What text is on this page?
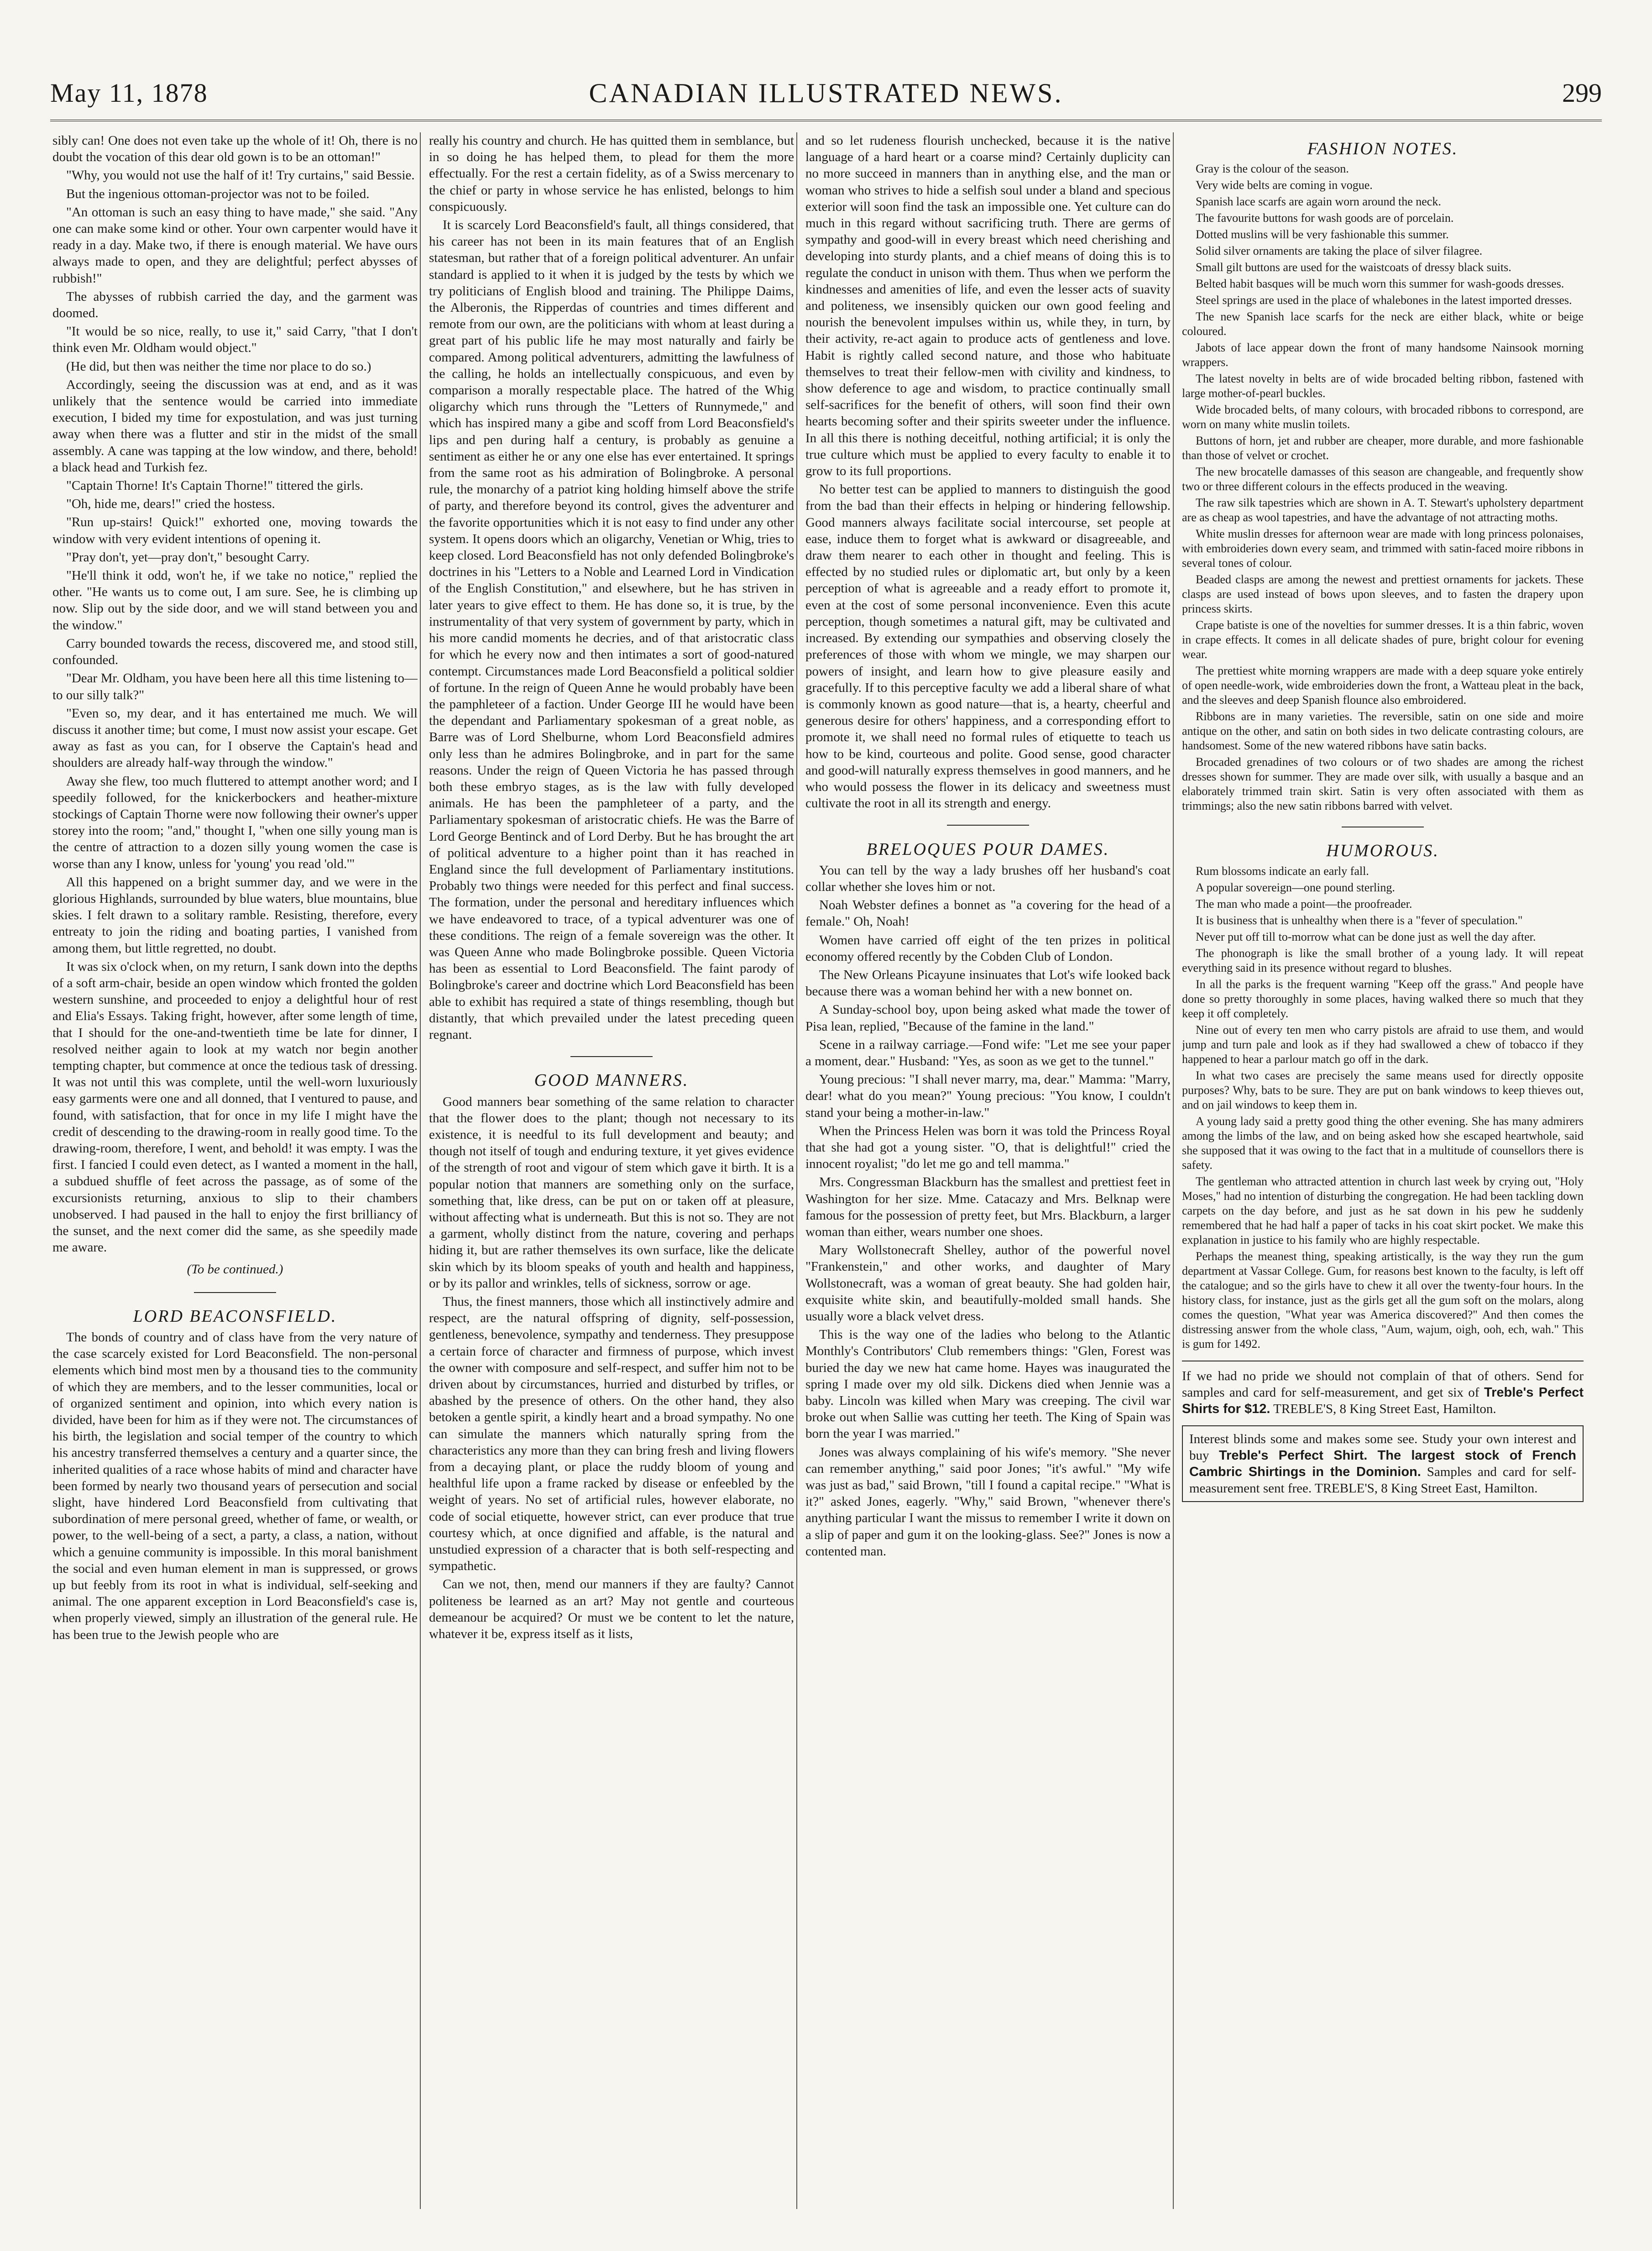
May 11, 1878	CANADIAN ILLUSTRATED NEWS.	299

sibly can! One does not even take up the whole of it! Oh, there is no doubt the vocation of this dear old gown is to be an ottoman!"

"Why, you would not use the half of it! Try curtains," said Bessie.

But the ingenious ottoman-projector was not to be foiled.

"An ottoman is such an easy thing to have made," she said. "Any one can make some kind or other. Your own carpenter would have it ready in a day. Make two, if there is enough material. We have ours always made to open, and they are delightful; perfect abysses of rubbish!"

The abysses of rubbish carried the day, and the garment was doomed.

"It would be so nice, really, to use it," said Carry, "that I don't think even Mr. Oldham would object."

(He did, but then was neither the time nor place to do so.)

Accordingly, seeing the discussion was at end, and as it was unlikely that the sentence would be carried into immediate execution, I bided my time for expostulation, and was just turning away when there was a flutter and stir in the midst of the small assembly. A cane was tapping at the low window, and there, behold! a black head and Turkish fez.

"Captain Thorne! It's Captain Thorne!" tittered the girls.

"Oh, hide me, dears!" cried the hostess.

"Run up-stairs! Quick!" exhorted one, moving towards the window with very evident intentions of opening it.

"Pray don't, yet—pray don't," besought Carry.

"He'll think it odd, won't he, if we take no notice," replied the other. "He wants us to come out, I am sure. See, he is climbing up now. Slip out by the side door, and we will stand between you and the window."

Carry bounded towards the recess, discovered me, and stood still, confounded.

"Dear Mr. Oldham, you have been here all this time listening to—to our silly talk?"

"Even so, my dear, and it has entertained me much. We will discuss it another time; but come, I must now assist your escape. Get away as fast as you can, for I observe the Captain's head and shoulders are already half-way through the window."

Away she flew, too much fluttered to attempt another word; and I speedily followed, for the knickerbockers and heather-mixture stockings of Captain Thorne were now following their owner's upper storey into the room; "and," thought I, "when one silly young man is the centre of attraction to a dozen silly young women the case is worse than any I know, unless for 'young' you read 'old.'"

All this happened on a bright summer day, and we were in the glorious Highlands, surrounded by blue waters, blue mountains, blue skies. I felt drawn to a solitary ramble. Resisting, therefore, every entreaty to join the riding and boating parties, I vanished from among them, but little regretted, no doubt.

It was six o'clock when, on my return, I sank down into the depths of a soft arm-chair, beside an open window which fronted the golden western sunshine, and proceeded to enjoy a delightful hour of rest and Elia's Essays. Taking fright, however, after some length of time, that I should for the one-and-twentieth time be late for dinner, I resolved neither again to look at my watch nor begin another tempting chapter, but commence at once the tedious task of dressing. It was not until this was complete, until the well-worn luxuriously easy garments were one and all donned, that I ventured to pause, and found, with satisfaction, that for once in my life I might have the credit of descending to the drawing-room in really good time. To the drawing-room, therefore, I went, and behold! it was empty. I was the first. I fancied I could even detect, as I wanted a moment in the hall, a subdued shuffle of feet across the passage, as of some of the excursionists returning, anxious to slip to their chambers unobserved. I had paused in the hall to enjoy the first brilliancy of the sunset, and the next comer did the same, as she speedily made me aware.

(To be continued.)
LORD BEACONSFIELD.

The bonds of country and of class have from the very nature of the case scarcely existed for Lord Beaconsfield. The non-personal elements which bind most men by a thousand ties to the community of which they are members, and to the lesser communities, local or of organized sentiment and opinion, into which every nation is divided, have been for him as if they were not. The circumstances of his birth, the legislation and social temper of the country to which his ancestry transferred themselves a century and a quarter since, the inherited qualities of a race whose habits of mind and character have been formed by nearly two thousand years of persecution and social slight, have hindered Lord Beaconsfield from cultivating that subordination of mere personal greed, whether of fame, or wealth, or power, to the well-being of a sect, a party, a class, a nation, without which a genuine community is impossible. In this moral banishment the social and even human element in man is suppressed, or grows up but feebly from its root in what is individual, self-seeking and animal. The one apparent exception in Lord Beaconsfield's case is, when properly viewed, simply an illustration of the general rule. He has been true to the Jewish people who are

really his country and church. He has quitted them in semblance, but in so doing he has helped them, to plead for them the more effectually. For the rest a certain fidelity, as of a Swiss mercenary to the chief or party in whose service he has enlisted, belongs to him conspicuously.

It is scarcely Lord Beaconsfield's fault, all things considered, that his career has not been in its main features that of an English statesman, but rather that of a foreign political adventurer. An unfair standard is applied to it when it is judged by the tests by which we try politicians of English blood and training. The Philippe Daims, the Alberonis, the Ripperdas of countries and times different and remote from our own, are the politicians with whom at least during a great part of his public life he may most naturally and fairly be compared. Among political adventurers, admitting the lawfulness of the calling, he holds an intellectually conspicuous, and even by comparison a morally respectable place. The hatred of the Whig oligarchy which runs through the "Letters of Runnymede," and which has inspired many a gibe and scoff from Lord Beaconsfield's lips and pen during half a century, is probably as genuine a sentiment as either he or any one else has ever entertained. It springs from the same root as his admiration of Bolingbroke. A personal rule, the monarchy of a patriot king holding himself above the strife of party, and therefore beyond its control, gives the adventurer and the favorite opportunities which it is not easy to find under any other system. It opens doors which an oligarchy, Venetian or Whig, tries to keep closed. Lord Beaconsfield has not only defended Bolingbroke's doctrines in his "Letters to a Noble and Learned Lord in Vindication of the English Constitution," and elsewhere, but he has striven in later years to give effect to them. He has done so, it is true, by the instrumentality of that very system of government by party, which in his more candid moments he decries, and of that aristocratic class for which he every now and then intimates a sort of good-natured contempt. Circumstances made Lord Beaconsfield a political soldier of fortune. In the reign of Queen Anne he would probably have been the pamphleteer of a faction. Under George III he would have been the dependant and Parliamentary spokesman of a great noble, as Barre was of Lord Shelburne, whom Lord Beaconsfield admires only less than he admires Bolingbroke, and in part for the same reasons. Under the reign of Queen Victoria he has passed through both these embryo stages, as is the law with fully developed animals. He has been the pamphleteer of a party, and the Parliamentary spokesman of aristocratic chiefs. He was the Barre of Lord George Bentinck and of Lord Derby. But he has brought the art of political adventure to a higher point than it has reached in England since the full development of Parliamentary institutions. Probably two things were needed for this perfect and final success. The formation, under the personal and hereditary influences which we have endeavored to trace, of a typical adventurer was one of these conditions. The reign of a female sovereign was the other. It was Queen Anne who made Bolingbroke possible. Queen Victoria has been as essential to Lord Beaconsfield. The faint parody of Bolingbroke's career and doctrine which Lord Beaconsfield has been able to exhibit has required a state of things resembling, though but distantly, that which prevailed under the latest preceding queen regnant.

GOOD MANNERS.

Good manners bear something of the same relation to character that the flower does to the plant; though not necessary to its existence, it is needful to its full development and beauty; and though not itself of tough and enduring texture, it yet gives evidence of the strength of root and vigour of stem which gave it birth. It is a popular notion that manners are something only on the surface, something that, like dress, can be put on or taken off at pleasure, without affecting what is underneath. But this is not so. They are not a garment, wholly distinct from the nature, covering and perhaps hiding it, but are rather themselves its own surface, like the delicate skin which by its bloom speaks of youth and health and happiness, or by its pallor and wrinkles, tells of sickness, sorrow or age.

Thus, the finest manners, those which all instinctively admire and respect, are the natural offspring of dignity, self-possession, gentleness, benevolence, sympathy and tenderness. They presuppose a certain force of character and firmness of purpose, which invest the owner with composure and self-respect, and suffer him not to be driven about by circumstances, hurried and disturbed by trifles, or abashed by the presence of others. On the other hand, they also betoken a gentle spirit, a kindly heart and a broad sympathy. No one can simulate the manners which naturally spring from the characteristics any more than they can bring fresh and living flowers from a decaying plant, or place the ruddy bloom of young and healthful life upon a frame racked by disease or enfeebled by the weight of years. No set of artificial rules, however elaborate, no code of social etiquette, however strict, can ever produce that true courtesy which, at once dignified and affable, is the natural and unstudied expression of a character that is both self-respecting and sympathetic.

Can we not, then, mend our manners if they are faulty? Cannot politeness be learned as an art? May not gentle and courteous demeanour be acquired? Or must we be content to let the nature, whatever it be, express itself as it lists,

and so let rudeness flourish unchecked, because it is the native language of a hard heart or a coarse mind? Certainly duplicity can no more succeed in manners than in anything else, and the man or woman who strives to hide a selfish soul under a bland and specious exterior will soon find the task an impossible one. Yet culture can do much in this regard without sacrificing truth. There are germs of sympathy and good-will in every breast which need cherishing and developing into sturdy plants, and a chief means of doing this is to regulate the conduct in unison with them. Thus when we perform the kindnesses and amenities of life, and even the lesser acts of suavity and politeness, we insensibly quicken our own good feeling and nourish the benevolent impulses within us, while they, in turn, by their activity, re-act again to produce acts of gentleness and love. Habit is rightly called second nature, and those who habituate themselves to treat their fellow-men with civility and kindness, to show deference to age and wisdom, to practice continually small self-sacrifices for the benefit of others, will soon find their own hearts becoming softer and their spirits sweeter under the influence. In all this there is nothing deceitful, nothing artificial; it is only the true culture which must be applied to every faculty to enable it to grow to its full proportions.

No better test can be applied to manners to distinguish the good from the bad than their effects in helping or hindering fellowship. Good manners always facilitate social intercourse, set people at ease, induce them to forget what is awkward or disagreeable, and draw them nearer to each other in thought and feeling. This is effected by no studied rules or diplomatic art, but only by a keen perception of what is agreeable and a ready effort to promote it, even at the cost of some personal inconvenience. Even this acute perception, though sometimes a natural gift, may be cultivated and increased. By extending our sympathies and observing closely the preferences of those with whom we mingle, we may sharpen our powers of insight, and learn how to give pleasure easily and gracefully. If to this perceptive faculty we add a liberal share of what is commonly known as good nature—that is, a hearty, cheerful and generous desire for others' happiness, and a corresponding effort to promote it, we shall need no formal rules of etiquette to teach us how to be kind, courteous and polite. Good sense, good character and good-will naturally express themselves in good manners, and he who would possess the flower in its delicacy and sweetness must cultivate the root in all its strength and energy.

BRELOQUES POUR DAMES.

You can tell by the way a lady brushes off her husband's coat collar whether she loves him or not.

Noah Webster defines a bonnet as "a covering for the head of a female." Oh, Noah!

Women have carried off eight of the ten prizes in political economy offered recently by the Cobden Club of London.

The New Orleans Picayune insinuates that Lot's wife looked back because there was a woman behind her with a new bonnet on.

A Sunday-school boy, upon being asked what made the tower of Pisa lean, replied, "Because of the famine in the land."

Scene in a railway carriage.—Fond wife: "Let me see your paper a moment, dear." Husband: "Yes, as soon as we get to the tunnel."

Young precious: "I shall never marry, ma, dear." Mamma: "Marry, dear! what do you mean?" Young precious: "You know, I couldn't stand your being a mother-in-law."

When the Princess Helen was born it was told the Princess Royal that she had got a young sister. "O, that is delightful!" cried the innocent royalist; "do let me go and tell mamma."

Mrs. Congressman Blackburn has the smallest and prettiest feet in Washington for her size. Mme. Catacazy and Mrs. Belknap were famous for the possession of pretty feet, but Mrs. Blackburn, a larger woman than either, wears number one shoes.

Mary Wollstonecraft Shelley, author of the powerful novel "Frankenstein," and other works, and daughter of Mary Wollstonecraft, was a woman of great beauty. She had golden hair, exquisite white skin, and beautifully-molded small hands. She usually wore a black velvet dress.

This is the way one of the ladies who belong to the Atlantic Monthly's Contributors' Club remembers things: "Glen, Forest was buried the day we new hat came home. Hayes was inaugurated the spring I made over my old silk. Dickens died when Jennie was a baby. Lincoln was killed when Mary was creeping. The civil war broke out when Sallie was cutting her teeth. The King of Spain was born the year I was married."

Jones was always complaining of his wife's memory. "She never can remember anything," said poor Jones; "it's awful." "My wife was just as bad," said Brown, "till I found a capital recipe." "What is it?" asked Jones, eagerly. "Why," said Brown, "whenever there's anything particular I want the missus to remember I write it down on a slip of paper and gum it on the looking-glass. See?" Jones is now a contented man.

FASHION NOTES.

Gray is the colour of the season.

Very wide belts are coming in vogue.

Spanish lace scarfs are again worn around the neck.

The favourite buttons for wash goods are of porcelain.

Dotted muslins will be very fashionable this summer.

Solid silver ornaments are taking the place of silver filagree.

Small gilt buttons are used for the waistcoats of dressy black suits.

Belted habit basques will be much worn this summer for wash-goods dresses.

Steel springs are used in the place of whalebones in the latest imported dresses.

The new Spanish lace scarfs for the neck are either black, white or beige coloured.

Jabots of lace appear down the front of many handsome Nainsook morning wrappers.

The latest novelty in belts are of wide brocaded belting ribbon, fastened with large mother-of-pearl buckles.

Wide brocaded belts, of many colours, with brocaded ribbons to correspond, are worn on many white muslin toilets.

Buttons of horn, jet and rubber are cheaper, more durable, and more fashionable than those of velvet or crochet.

The new brocatelle damasses of this season are changeable, and frequently show two or three different colours in the effects produced in the weaving.

The raw silk tapestries which are shown in A. T. Stewart's upholstery department are as cheap as wool tapestries, and have the advantage of not attracting moths.

White muslin dresses for afternoon wear are made with long princess polonaises, with embroideries down every seam, and trimmed with satin-faced moire ribbons in several tones of colour.

Beaded clasps are among the newest and prettiest ornaments for jackets. These clasps are used instead of bows upon sleeves, and to fasten the drapery upon princess skirts.

Crape batiste is one of the novelties for summer dresses. It is a thin fabric, woven in crape effects. It comes in all delicate shades of pure, bright colour for evening wear.

The prettiest white morning wrappers are made with a deep square yoke entirely of open needle-work, wide embroideries down the front, a Watteau pleat in the back, and the sleeves and deep Spanish flounce also embroidered.

Ribbons are in many varieties. The reversible, satin on one side and moire antique on the other, and satin on both sides in two delicate contrasting colours, are handsomest. Some of the new watered ribbons have satin backs.

Brocaded grenadines of two colours or of two shades are among the richest dresses shown for summer. They are made over silk, with usually a basque and an elaborately trimmed train skirt. Satin is very often associated with them as trimmings; also the new satin ribbons barred with velvet.

HUMOROUS.

Rum blossoms indicate an early fall.

A popular sovereign—one pound sterling.

The man who made a point—the proofreader.

It is business that is unhealthy when there is a "fever of speculation."

Never put off till to-morrow what can be done just as well the day after.

The phonograph is like the small brother of a young lady. It will repeat everything said in its presence without regard to blushes.

In all the parks is the frequent warning "Keep off the grass." And people have done so pretty thoroughly in some places, having walked there so much that they keep it off completely.

Nine out of every ten men who carry pistols are afraid to use them, and would jump and turn pale and look as if they had swallowed a chew of tobacco if they happened to hear a parlour match go off in the dark.

In what two cases are precisely the same means used for directly opposite purposes? Why, bats to be sure. They are put on bank windows to keep thieves out, and on jail windows to keep them in.

A young lady said a pretty good thing the other evening. She has many admirers among the limbs of the law, and on being asked how she escaped heartwhole, said she supposed that it was owing to the fact that in a multitude of counsellors there is safety.

The gentleman who attracted attention in church last week by crying out, "Holy Moses," had no intention of disturbing the congregation. He had been tackling down carpets on the day before, and just as he sat down in his pew he suddenly remembered that he had half a paper of tacks in his coat skirt pocket. We make this explanation in justice to his family who are highly respectable.

Perhaps the meanest thing, speaking artistically, is the way they run the gum department at Vassar College. Gum, for reasons best known to the faculty, is left off the catalogue; and so the girls have to chew it all over the twenty-four hours. In the history class, for instance, just as the girls get all the gum soft on the molars, along comes the question, "What year was America discovered?" And then comes the distressing answer from the whole class, "Aum, wajum, oigh, ooh, ech, wah." This is gum for 1492.

If we had no pride we should not complain of that of others. Send for samples and card for self-measurement, and get six of Treble's Perfect Shirts for $12. TREBLE'S, 8 King Street East, Hamilton.
Interest blinds some and makes some see. Study your own interest and buy Treble's Perfect Shirt. The largest stock of French Cambric Shirtings in the Dominion. Samples and card for self-measurement sent free. TREBLE'S, 8 King Street East, Hamilton.
